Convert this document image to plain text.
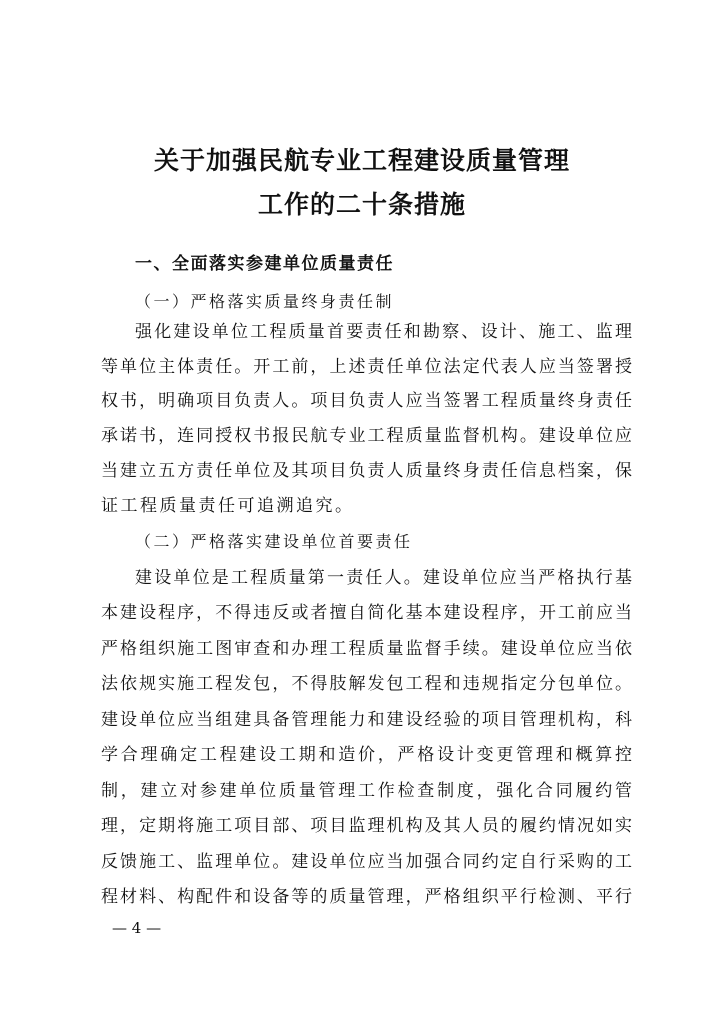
关于加强民航专业工程建设质量管理
工作的二十条措施
一、全面落实参建单位质量责任
（一）严格落实质量终身责任制
强化建设单位工程质量首要责任和勘察、设计、施工、监理
等单位主体责任。开工前，上述责任单位法定代表人应当签署授
权书，明确项目负责人。项目负责人应当签署工程质量终身责任
承诺书，连同授权书报民航专业工程质量监督机构。建设单位应
当建立五方责任单位及其项目负责人质量终身责任信息档案，保
证工程质量责任可追溯追究。
（二）严格落实建设单位首要责任
建设单位是工程质量第一责任人。建设单位应当严格执行基
本建设程序，不得违反或者擅自简化基本建设程序，开工前应当
严格组织施工图审查和办理工程质量监督手续。建设单位应当依
法依规实施工程发包，不得肢解发包工程和违规指定分包单位。
建设单位应当组建具备管理能力和建设经验的项目管理机构，科
学合理确定工程建设工期和造价，严格设计变更管理和概算控
制，建立对参建单位质量管理工作检查制度，强化合同履约管
理，定期将施工项目部、项目监理机构及其人员的履约情况如实
反馈施工、监理单位。建设单位应当加强合同约定自行采购的工
程材料、构配件和设备等的质量管理，严格组织平行检测、平行
— 4 —
